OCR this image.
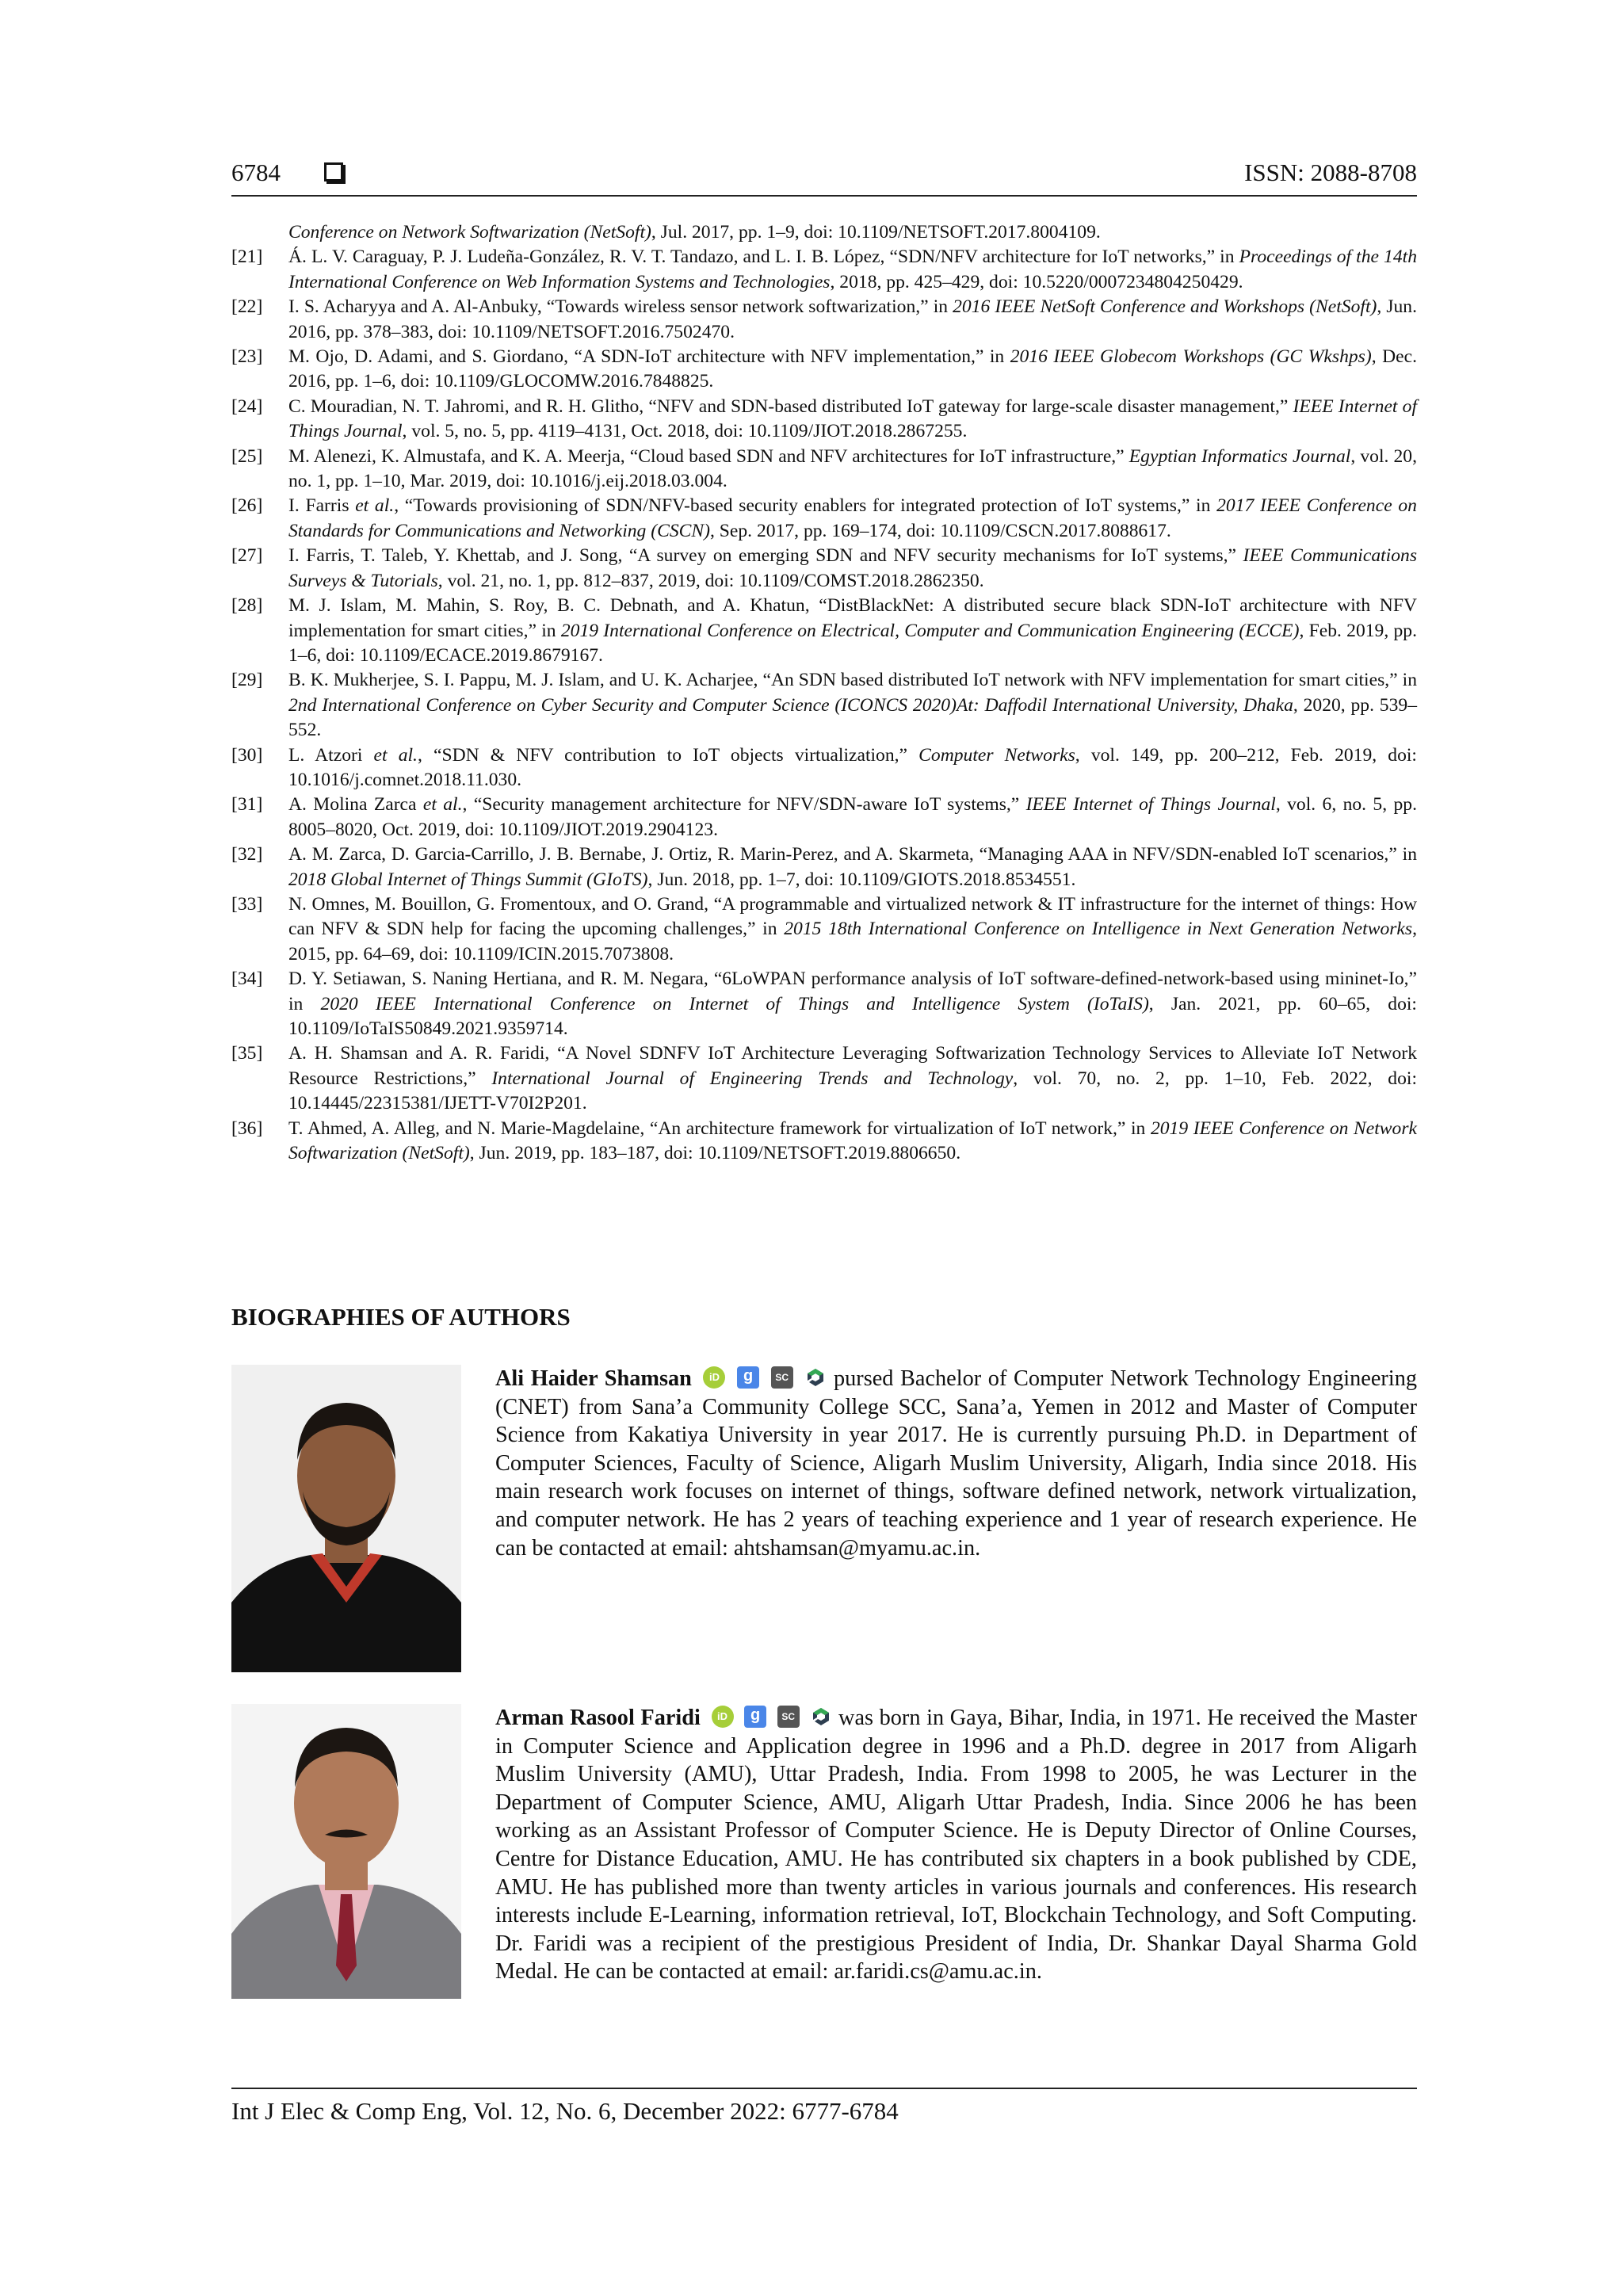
6784	ISSN: 2088-8708
Conference on Network Softwarization (NetSoft), Jul. 2017, pp. 1–9, doi: 10.1109/NETSOFT.2017.8004109.
[21] Á. L. V. Caraguay, P. J. Ludeña-González, R. V. T. Tandazo, and L. I. B. López, “SDN/NFV architecture for IoT networks,” in Proceedings of the 14th International Conference on Web Information Systems and Technologies, 2018, pp. 425–429, doi: 10.5220/0007234804250429.
[22] I. S. Acharyya and A. Al-Anbuky, “Towards wireless sensor network softwarization,” in 2016 IEEE NetSoft Conference and Workshops (NetSoft), Jun. 2016, pp. 378–383, doi: 10.1109/NETSOFT.2016.7502470.
[23] M. Ojo, D. Adami, and S. Giordano, “A SDN-IoT architecture with NFV implementation,” in 2016 IEEE Globecom Workshops (GC Wkshps), Dec. 2016, pp. 1–6, doi: 10.1109/GLOCOMW.2016.7848825.
[24] C. Mouradian, N. T. Jahromi, and R. H. Glitho, “NFV and SDN-based distributed IoT gateway for large-scale disaster management,” IEEE Internet of Things Journal, vol. 5, no. 5, pp. 4119–4131, Oct. 2018, doi: 10.1109/JIOT.2018.2867255.
[25] M. Alenezi, K. Almustafa, and K. A. Meerja, “Cloud based SDN and NFV architectures for IoT infrastructure,” Egyptian Informatics Journal, vol. 20, no. 1, pp. 1–10, Mar. 2019, doi: 10.1016/j.eij.2018.03.004.
[26] I. Farris et al., “Towards provisioning of SDN/NFV-based security enablers for integrated protection of IoT systems,” in 2017 IEEE Conference on Standards for Communications and Networking (CSCN), Sep. 2017, pp. 169–174, doi: 10.1109/CSCN.2017.8088617.
[27] I. Farris, T. Taleb, Y. Khettab, and J. Song, “A survey on emerging SDN and NFV security mechanisms for IoT systems,” IEEE Communications Surveys & Tutorials, vol. 21, no. 1, pp. 812–837, 2019, doi: 10.1109/COMST.2018.2862350.
[28] M. J. Islam, M. Mahin, S. Roy, B. C. Debnath, and A. Khatun, “DistBlackNet: A distributed secure black SDN-IoT architecture with NFV implementation for smart cities,” in 2019 International Conference on Electrical, Computer and Communication Engineering (ECCE), Feb. 2019, pp. 1–6, doi: 10.1109/ECACE.2019.8679167.
[29] B. K. Mukherjee, S. I. Pappu, M. J. Islam, and U. K. Acharjee, “An SDN based distributed IoT network with NFV implementation for smart cities,” in 2nd International Conference on Cyber Security and Computer Science (ICONCS 2020)At: Daffodil International University, Dhaka, 2020, pp. 539–552.
[30] L. Atzori et al., “SDN & NFV contribution to IoT objects virtualization,” Computer Networks, vol. 149, pp. 200–212, Feb. 2019, doi: 10.1016/j.comnet.2018.11.030.
[31] A. Molina Zarca et al., “Security management architecture for NFV/SDN-aware IoT systems,” IEEE Internet of Things Journal, vol. 6, no. 5, pp. 8005–8020, Oct. 2019, doi: 10.1109/JIOT.2019.2904123.
[32] A. M. Zarca, D. Garcia-Carrillo, J. B. Bernabe, J. Ortiz, R. Marin-Perez, and A. Skarmeta, “Managing AAA in NFV/SDN-enabled IoT scenarios,” in 2018 Global Internet of Things Summit (GIoTS), Jun. 2018, pp. 1–7, doi: 10.1109/GIOTS.2018.8534551.
[33] N. Omnes, M. Bouillon, G. Fromentoux, and O. Grand, “A programmable and virtualized network & IT infrastructure for the internet of things: How can NFV & SDN help for facing the upcoming challenges,” in 2015 18th International Conference on Intelligence in Next Generation Networks, 2015, pp. 64–69, doi: 10.1109/ICIN.2015.7073808.
[34] D. Y. Setiawan, S. Naning Hertiana, and R. M. Negara, “6LoWPAN performance analysis of IoT software-defined-network-based using mininet-Io,” in 2020 IEEE International Conference on Internet of Things and Intelligence System (IoTaIS), Jan. 2021, pp. 60–65, doi: 10.1109/IoTaIS50849.2021.9359714.
[35] A. H. Shamsan and A. R. Faridi, “A Novel SDNFV IoT Architecture Leveraging Softwarization Technology Services to Alleviate IoT Network Resource Restrictions,” International Journal of Engineering Trends and Technology, vol. 70, no. 2, pp. 1–10, Feb. 2022, doi: 10.14445/22315381/IJETT-V70I2P201.
[36] T. Ahmed, A. Alleg, and N. Marie-Magdelaine, “An architecture framework for virtualization of IoT network,” in 2019 IEEE Conference on Network Softwarization (NetSoft), Jun. 2019, pp. 183–187, doi: 10.1109/NETSOFT.2019.8806650.
BIOGRAPHIES OF AUTHORS
Ali Haider Shamsan iD g SC	pursed Bachelor of Computer Network Technology Engineering (CNET) from Sana’a Community College SCC, Sana’a, Yemen in 2012 and Master of Computer Science from Kakatiya University in year 2017. He is currently pursuing Ph.D. in Department of Computer Sciences, Faculty of Science, Aligarh Muslim University, Aligarh, India since 2018. His main research work focuses on internet of things, software defined network, network virtualization, and computer network. He has 2 years of teaching experience and 1 year of research experience. He can be contacted at email: ahtshamsan@myamu.ac.in.
Arman Rasool Faridi iD g SC	was born in Gaya, Bihar, India, in 1971. He received the Master in Computer Science and Application degree in 1996 and a Ph.D. degree in 2017 from Aligarh Muslim University (AMU), Uttar Pradesh, India. From 1998 to 2005, he was Lecturer in the Department of Computer Science, AMU, Aligarh Uttar Pradesh, India. Since 2006 he has been working as an Assistant Professor of Computer Science. He is Deputy Director of Online Courses, Centre for Distance Education, AMU. He has contributed six chapters in a book published by CDE, AMU. He has published more than twenty articles in various journals and conferences. His research interests include E-Learning, information retrieval, IoT, Blockchain Technology, and Soft Computing. Dr. Faridi was a recipient of the prestigious President of India, Dr. Shankar Dayal Sharma Gold Medal. He can be contacted at email: ar.faridi.cs@amu.ac.in.
Int J Elec & Comp Eng, Vol. 12, No. 6, December 2022: 6777-6784
